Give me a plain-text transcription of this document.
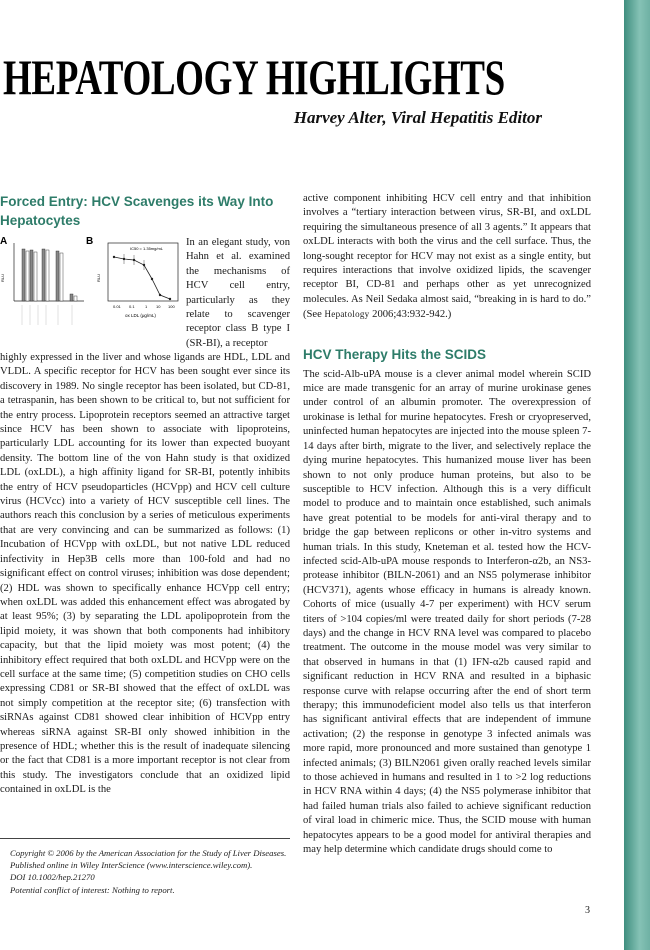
HEPATOLOGY HIGHLIGHTS
Harvey Alter, Viral Hepatitis Editor
Forced Entry: HCV Scavenges its Way Into
Hepatocytes
A
RLU
B
RLU
IC50 = 1.35mg/mL
0.01 0.1	1 10 100
ox LDL (μg/mL)

In an elegant study, von Hahn et al. examined the mechanisms of HCV cell entry, particularly as they relate to scavenger receptor class B type I (SR-BI), a receptor

highly expressed in the liver and whose ligands are HDL, LDL and VLDL. A specific receptor for HCV has been sought ever since its discovery in 1989. No single receptor has been isolated, but CD-81, a tetraspanin, has been shown to be critical to, but not sufficient for the entry process. Lipoprotein receptors seemed an attractive target since HCV has been shown to associate with lipoproteins, particularly LDL accounting for its lower than expected buoyant density. The bottom line of the von Hahn study is that oxidized LDL (oxLDL), a high affinity ligand for SR-BI, potently inhibits the entry of HCV pseudoparticles (HCVpp) and HCV cell culture virus (HCVcc) into a variety of HCV susceptible cell lines. The authors reach this conclusion by a series of meticulous experiments that are very convincing and can be summarized as follows: (1) Incubation of HCVpp with oxLDL, but not native LDL reduced infectivity in Hep3B cells more than 100-fold and had no significant effect on control viruses; inhibition was dose dependent; (2) HDL was shown to specifically enhance HCVpp cell entry; when oxLDL was added this enhancement effect was abrogated by at least 95%; (3) by separating the LDL apolipoprotein from the lipid moiety, it was shown that both components had inhibitory capacity, but that the lipid moiety was most potent; (4) the inhibitory effect required that both oxLDL and HCVpp were on the cell surface at the same time; (5) competition studies on CHO cells expressing CD81 or SR-BI showed that the effect of oxLDL was not simply competition at the receptor site; (6) transfection with siRNAs against CD81 showed clear inhibition of HCVpp entry whereas siRNA against SR-BI only showed inhibition in the presence of HDL; whether this is the result of inadequate silencing or the fact that CD81 is a more important receptor is not clear from this study. The investigators conclude that an oxidized lipid contained in oxLDL is the

Copyright © 2006 by the American Association for the Study of Liver Diseases.
Published online in Wiley InterScience (www.interscience.wiley.com).
DOI 10.1002/hep.21270
Potential conflict of interest: Nothing to report.

active component inhibiting HCV cell entry and that inhibition involves a “tertiary interaction between virus, SR-BI, and oxLDL requiring the simultaneous presence of all 3 agents.” It appears that oxLDL interacts with both the virus and the cell surface. Thus, the long-sought receptor for HCV may not exist as a single entity, but requires interactions that involve oxidized lipids, the scavenger receptor BI, CD-81 and perhaps other as yet unrecognized molecules. As Neil Sedaka almost said, “breaking in is hard to do.” (See Hepatology 2006;43:932-942.)

HCV Therapy Hits the SCIDS

The scid-Alb-uPA mouse is a clever animal model wherein SCID mice are made transgenic for an array of murine urokinase genes under control of an albumin promoter. The overexpression of urokinase is lethal for murine hepatocytes. Fresh or cryopreserved, uninfected human hepatocytes are injected into the mouse spleen 7-14 days after birth, migrate to the liver, and selectively replace the dying murine hepatocytes. This humanized mouse liver has been shown to not only produce human proteins, but also to be susceptible to HCV infection. Although this is a very difficult model to produce and to maintain once established, such animals have great potential to be models for anti-viral therapy and to bridge the gap between replicons or other in-vitro systems and human trials. In this study, Kneteman et al. tested how the HCV-infected scid-Alb-uPA mouse responds to Interferon-α2b, an NS3-protease inhibitor (BILN-2061) and an NS5 polymerase inhibitor (HCV371), agents whose efficacy in humans is already known. Cohorts of mice (usually 4-7 per experiment) with HCV serum titers of >104 copies/ml were treated daily for short periods (7-28 days) and the change in HCV RNA level was compared to placebo treatment. The outcome in the mouse model was very similar to that observed in humans in that (1) IFN-α2b caused rapid and significant reduction in HCV RNA and resulted in a biphasic response curve with relapse occurring after the end of short term therapy; this immunodeficient model also tells us that interferon has significant antiviral effects that are independent of immune activation; (2) the response in genotype 3 infected animals was more rapid, more pronounced and more sustained than genotype 1 infected animals; (3) BILN2061 given orally reached levels similar to those achieved in humans and resulted in 1 to >2 log reductions in HCV RNA within 4 days; (4) the NS5 polymerase inhibitor that had failed human trials also failed to achieve significant reduction of viral load in chimeric mice. Thus, the SCID mouse with human hepatocytes appears to be a good model for antiviral therapies and may help determine which candidate drugs should come to

3
